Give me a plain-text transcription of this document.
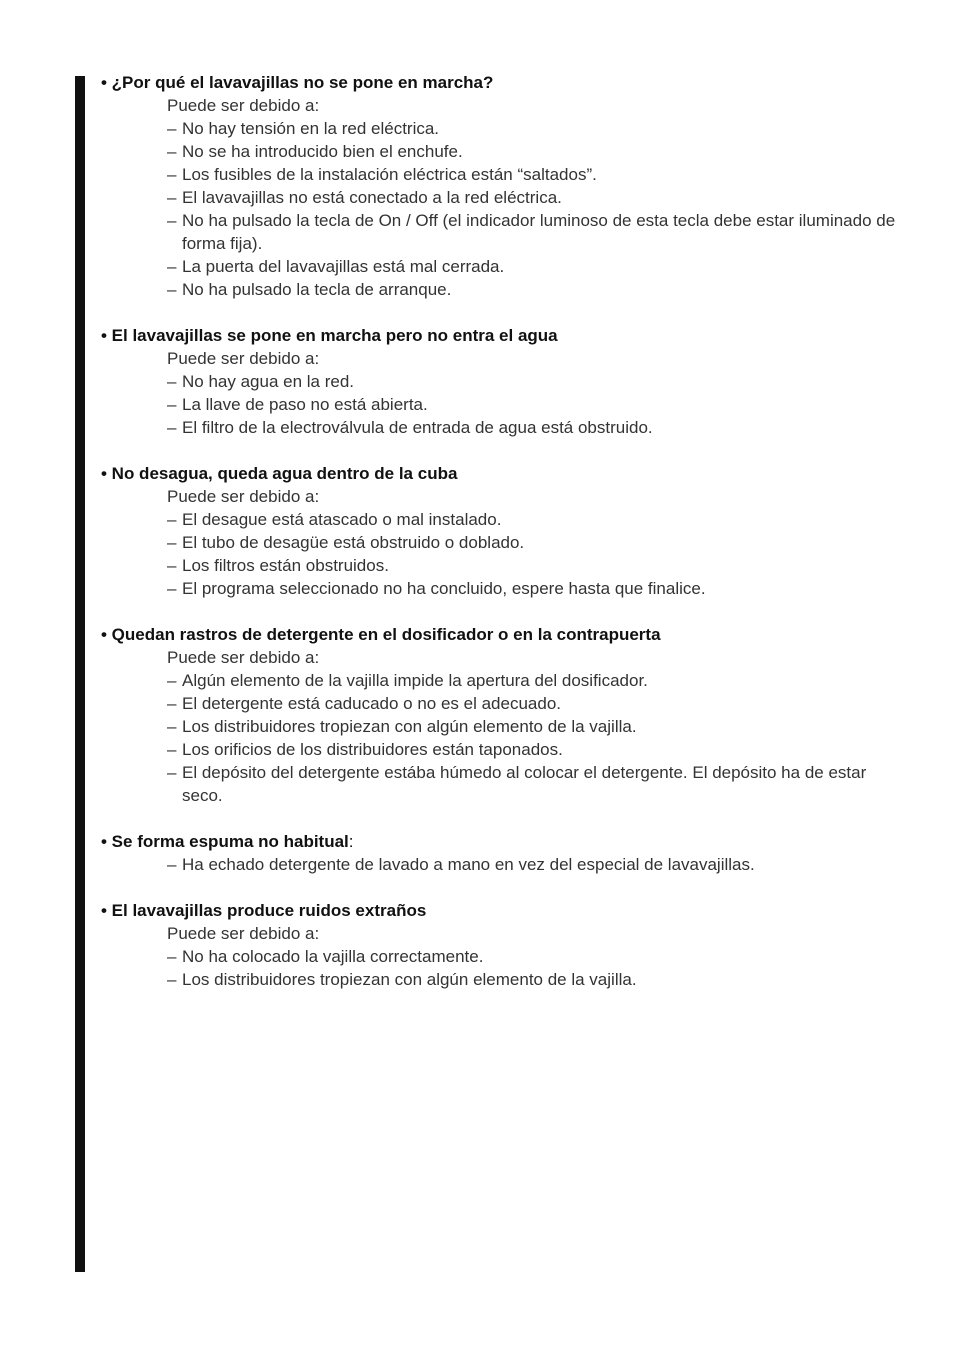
• ¿Por qué el lavavajillas no se pone en marcha?
Puede ser debido a:
– No hay tensión en la red eléctrica.
– No se ha introducido bien el enchufe.
– Los fusibles de la instalación eléctrica están “saltados”.
– El lavavajillas no está conectado a la red eléctrica.
– No ha pulsado la tecla de On / Off (el indicador luminoso de esta tecla debe estar iluminado de forma fija).
– La puerta del lavavajillas está mal cerrada.
– No ha pulsado la tecla de arranque.
• El lavavajillas se pone en marcha pero no entra el agua
Puede ser debido a:
– No hay agua en la red.
– La llave de paso no está abierta.
– El filtro de la electroválvula de entrada de agua está obstruido.
• No desagua, queda agua dentro de la cuba
Puede ser debido a:
– El desague está atascado o mal instalado.
– El tubo de desagüe está obstruido o doblado.
– Los filtros están obstruidos.
– El programa seleccionado no ha concluido, espere hasta que finalice.
• Quedan rastros de detergente en el dosificador o en la contrapuerta
Puede ser debido a:
– Algún elemento de la vajilla impide la apertura del dosificador.
– El detergente está caducado o no es el adecuado.
– Los distribuidores tropiezan con algún elemento de la vajilla.
– Los orificios de los distribuidores están taponados.
– El depósito del detergente estába húmedo al colocar el detergente. El depósito ha de estar seco.
• Se forma espuma no habitual:
– Ha echado detergente de lavado a mano en vez del especial de lavavajillas.
• El lavavajillas produce ruidos extraños
Puede ser debido a:
– No ha colocado la vajilla correctamente.
– Los distribuidores tropiezan con algún elemento de la vajilla.
